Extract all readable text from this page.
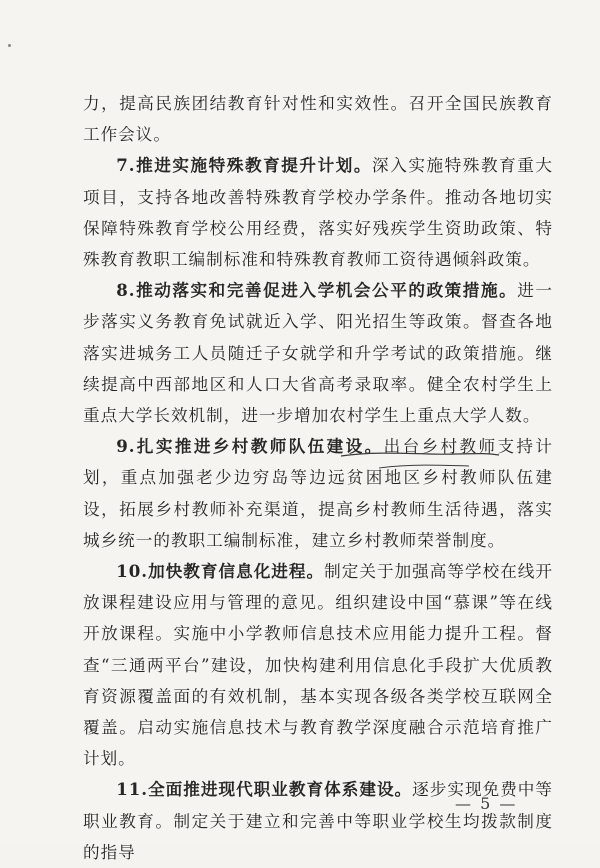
力，提高民族团结教育针对性和实效性。召开全国民族教育工作会议。

7.推进实施特殊教育提升计划。深入实施特殊教育重大项目，支持各地改善特殊教育学校办学条件。推动各地切实保障特殊教育学校公用经费，落实好残疾学生资助政策、特殊教育教职工编制标准和特殊教育教师工资待遇倾斜政策。

8.推动落实和完善促进入学机会公平的政策措施。进一步落实义务教育免试就近入学、阳光招生等政策。督查各地落实进城务工人员随迁子女就学和升学考试的政策措施。继续提高中西部地区和人口大省高考录取率。健全农村学生上重点大学长效机制，进一步增加农村学生上重点大学人数。

9.扎实推进乡村教师队伍建设。出台乡村教师支持计划，重点加强老少边穷岛等边远贫困地区乡村教师队伍建设，拓展乡村教师补充渠道，提高乡村教师生活待遇，落实城乡统一的教职工编制标准，建立乡村教师荣誉制度。

10.加快教育信息化进程。制定关于加强高等学校在线开放课程建设应用与管理的意见。组织建设中国“慕课”等在线开放课程。实施中小学教师信息技术应用能力提升工程。督查“三通两平台”建设，加快构建利用信息化手段扩大优质教育资源覆盖面的有效机制，基本实现各级各类学校互联网全覆盖。启动实施信息技术与教育教学深度融合示范培育推广计划。

11.全面推进现代职业教育体系建设。逐步实现免费中等职业教育。制定关于建立和完善中等职业学校生均拨款制度的指导

— 5 —
